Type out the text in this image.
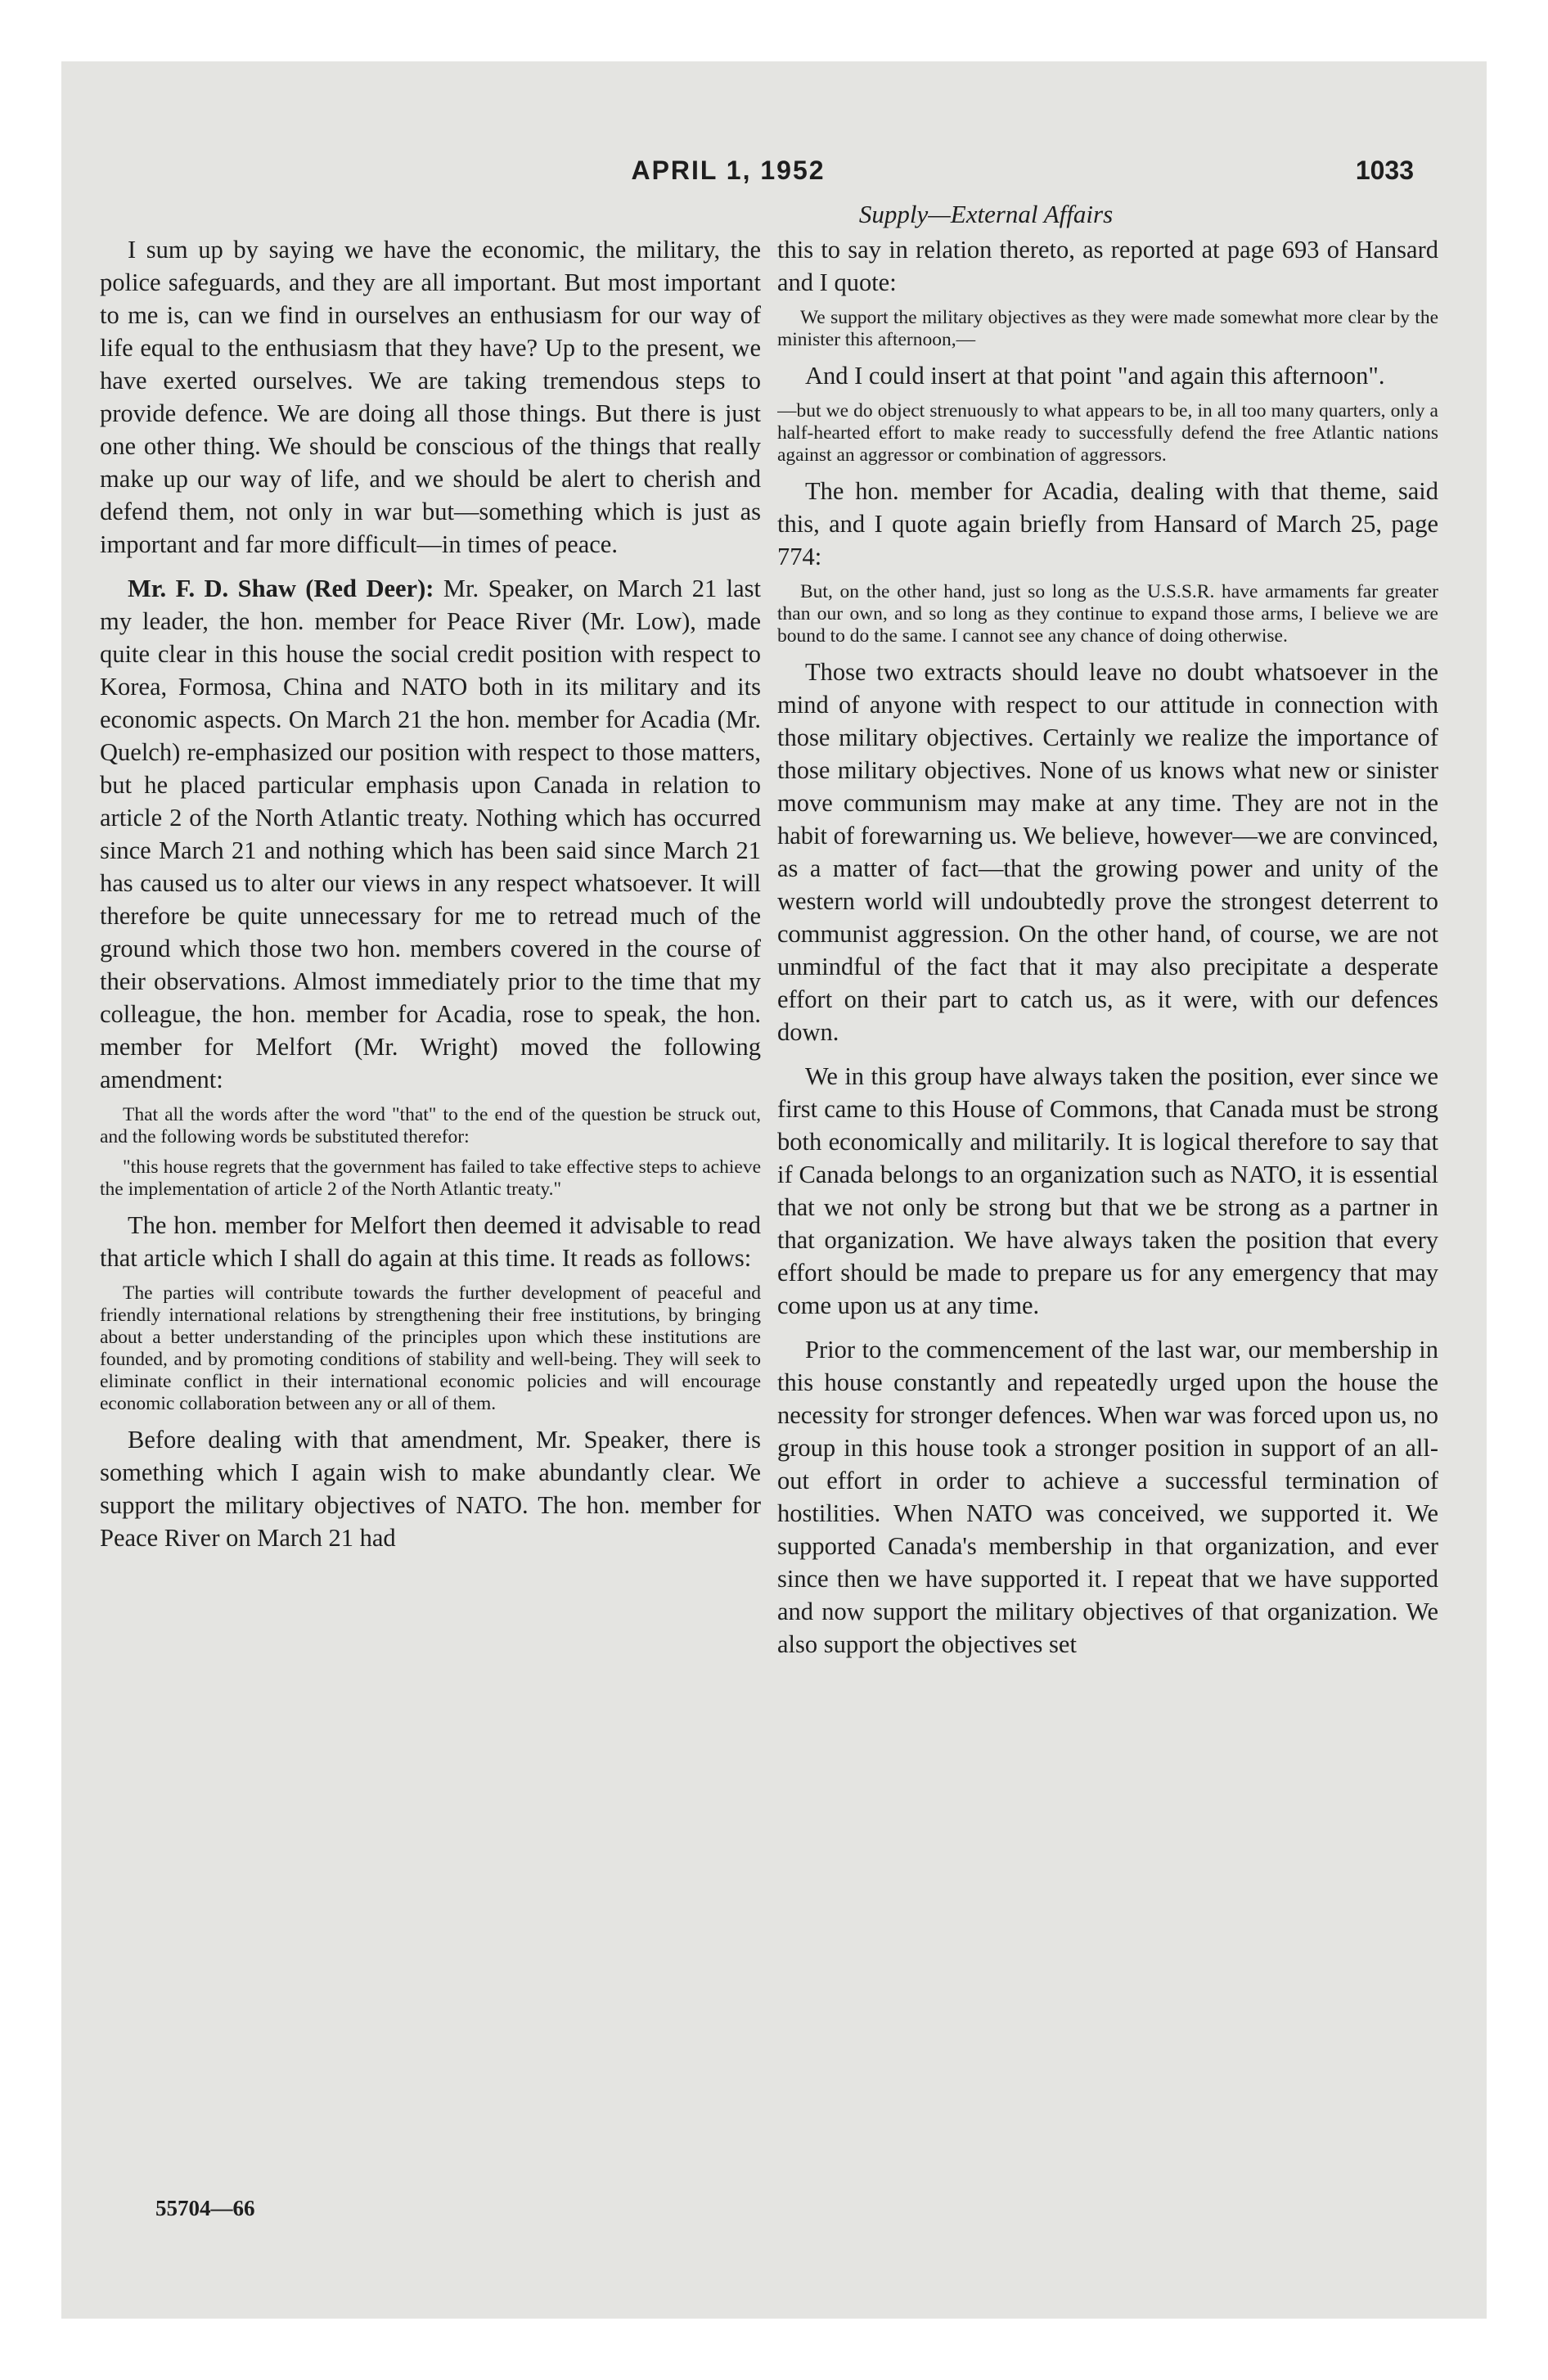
APRIL 1, 1952	1033
Supply—External Affairs

I sum up by saying we have the economic, the military, the police safeguards, and they are all important. But most important to me is, can we find in ourselves an enthusiasm for our way of life equal to the enthusiasm that they have? Up to the present, we have exerted ourselves. We are taking tremendous steps to provide defence. We are doing all those things. But there is just one other thing. We should be conscious of the things that really make up our way of life, and we should be alert to cherish and defend them, not only in war but—something which is just as important and far more difficult—in times of peace.

Mr. F. D. Shaw (Red Deer): Mr. Speaker, on March 21 last my leader, the hon. member for Peace River (Mr. Low), made quite clear in this house the social credit position with respect to Korea, Formosa, China and NATO both in its military and its economic aspects. On March 21 the hon. member for Acadia (Mr. Quelch) re-emphasized our position with respect to those matters, but he placed particular emphasis upon Canada in relation to article 2 of the North Atlantic treaty. Nothing which has occurred since March 21 and nothing which has been said since March 21 has caused us to alter our views in any respect whatsoever. It will therefore be quite unnecessary for me to retread much of the ground which those two hon. members covered in the course of their observations. Almost immediately prior to the time that my colleague, the hon. member for Acadia, rose to speak, the hon. member for Melfort (Mr. Wright) moved the following amendment:

That all the words after the word "that" to the end of the question be struck out, and the following words be substituted therefor:
"this house regrets that the government has failed to take effective steps to achieve the implementation of article 2 of the North Atlantic treaty."

The hon. member for Melfort then deemed it advisable to read that article which I shall do again at this time. It reads as follows:

The parties will contribute towards the further development of peaceful and friendly international relations by strengthening their free institutions, by bringing about a better understanding of the principles upon which these institutions are founded, and by promoting conditions of stability and well-being. They will seek to eliminate conflict in their international economic policies and will encourage economic collaboration between any or all of them.

Before dealing with that amendment, Mr. Speaker, there is something which I again wish to make abundantly clear. We support the military objectives of NATO. The hon. member for Peace River on March 21 had

this to say in relation thereto, as reported at page 693 of Hansard and I quote:

We support the military objectives as they were made somewhat more clear by the minister this afternoon,—

And I could insert at that point "and again this afternoon".

—but we do object strenuously to what appears to be, in all too many quarters, only a half-hearted effort to make ready to successfully defend the free Atlantic nations against an aggressor or combination of aggressors.

The hon. member for Acadia, dealing with that theme, said this, and I quote again briefly from Hansard of March 25, page 774:

But, on the other hand, just so long as the U.S.S.R. have armaments far greater than our own, and so long as they continue to expand those arms, I believe we are bound to do the same. I cannot see any chance of doing otherwise.

Those two extracts should leave no doubt whatsoever in the mind of anyone with respect to our attitude in connection with those military objectives. Certainly we realize the importance of those military objectives. None of us knows what new or sinister move communism may make at any time. They are not in the habit of forewarning us. We believe, however—we are convinced, as a matter of fact—that the growing power and unity of the western world will undoubtedly prove the strongest deterrent to communist aggression. On the other hand, of course, we are not unmindful of the fact that it may also precipitate a desperate effort on their part to catch us, as it were, with our defences down.

We in this group have always taken the position, ever since we first came to this House of Commons, that Canada must be strong both economically and militarily. It is logical therefore to say that if Canada belongs to an organization such as NATO, it is essential that we not only be strong but that we be strong as a partner in that organization. We have always taken the position that every effort should be made to prepare us for any emergency that may come upon us at any time.

Prior to the commencement of the last war, our membership in this house constantly and repeatedly urged upon the house the necessity for stronger defences. When war was forced upon us, no group in this house took a stronger position in support of an all-out effort in order to achieve a successful termination of hostilities. When NATO was conceived, we supported it. We supported Canada's membership in that organization, and ever since then we have supported it. I repeat that we have supported and now support the military objectives of that organization. We also support the objectives set

55704—66
